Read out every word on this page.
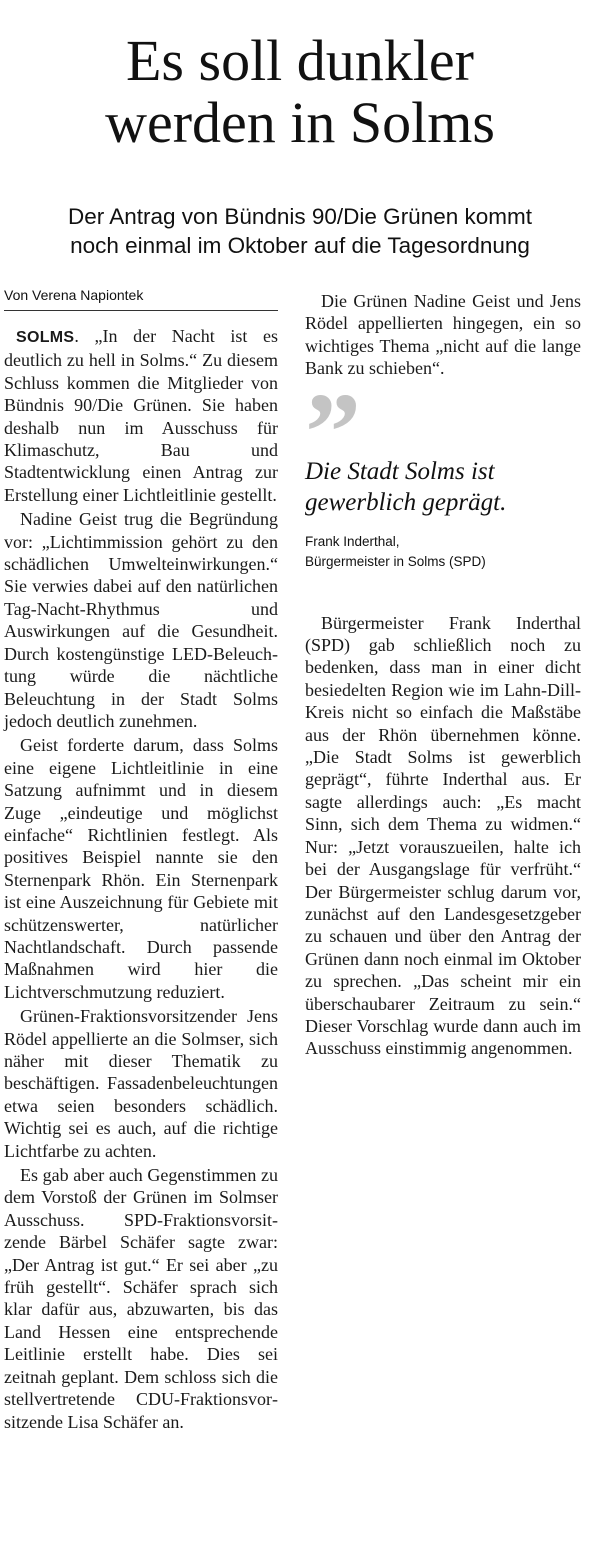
Es soll dunkler
werden in Solms
Der Antrag von Bündnis 90/Die Grünen kommt
noch einmal im Oktober auf die Tagesordnung
Von Verena Napiontek

SOLMS. „In der Nacht ist es deutlich zu hell in Solms.“ Zu diesem Schluss kommen die Mitglieder von Bündnis 90/Die Grünen. Sie haben deshalb nun im Ausschuss für Klimaschutz, Bau und Stadtentwicklung einen Antrag zur Erstellung einer Lichtleitlinie gestellt.

Nadine Geist trug die Begründung vor: „Lichtimmission gehört zu den schädlichen Umwelteinwirkungen.“ Sie verwies dabei auf den natürlichen Tag-Nacht-Rhythmus und Auswirkungen auf die Gesundheit. Durch kostengünstige LED-Beleuchtung würde die nächtliche Beleuchtung in der Stadt Solms jedoch deutlich zunehmen.

Geist forderte darum, dass Solms eine eigene Lichtleitlinie in eine Satzung aufnimmt und in diesem Zuge „eindeutige und möglichst einfache“ Richtlinien festlegt. Als positives Beispiel nannte sie den Sternenpark Rhön. Ein Sternenpark ist eine Auszeichnung für Gebiete mit schützenswerter, natürlicher Nachtlandschaft. Durch passende Maßnahmen wird hier die Lichtverschmutzung reduziert.

Grünen-Fraktionsvorsitzender Jens Rödel appellierte an die Solmser, sich näher mit dieser Thematik zu beschäftigen. Fassadenbeleuchtungen etwa seien besonders schädlich. Wichtig sei es auch, auf die richtige Lichtfarbe zu achten.

Es gab aber auch Gegenstimmen zu dem Vorstoß der Grünen im Solmser Ausschuss. SPD-Fraktionsvorsitzende Bärbel Schäfer sagte zwar: „Der Antrag ist gut.“ Er sei aber „zu früh gestellt“. Schäfer sprach sich klar dafür aus, abzuwarten, bis das Land Hessen eine entsprechende Leitlinie erstellt habe. Dies sei zeitnah geplant. Dem schloss sich die stellvertretende CDU-Fraktionsvorsitzende Lisa Schäfer an.

Die Grünen Nadine Geist und Jens Rödel appellierten hingegen, ein so wichtiges Thema „nicht auf die lange Bank zu schieben“.

”
Die Stadt Solms ist gewerblich geprägt.
Frank Inderthal,
Bürgermeister in Solms (SPD)

Bürgermeister Frank Inderthal (SPD) gab schließlich noch zu bedenken, dass man in einer dicht besiedelten Region wie im Lahn-Dill-Kreis nicht so einfach die Maßstäbe aus der Rhön übernehmen könne. „Die Stadt Solms ist gewerblich geprägt“, führte Inderthal aus. Er sagte allerdings auch: „Es macht Sinn, sich dem Thema zu widmen.“ Nur: „Jetzt vorauszueilen, halte ich bei der Ausgangslage für verfrüht.“ Der Bürgermeister schlug darum vor, zunächst auf den Landesgesetzgeber zu schauen und über den Antrag der Grünen dann noch einmal im Oktober zu sprechen. „Das scheint mir ein überschaubarer Zeitraum zu sein.“ Dieser Vorschlag wurde dann auch im Ausschuss einstimmig angenommen.
